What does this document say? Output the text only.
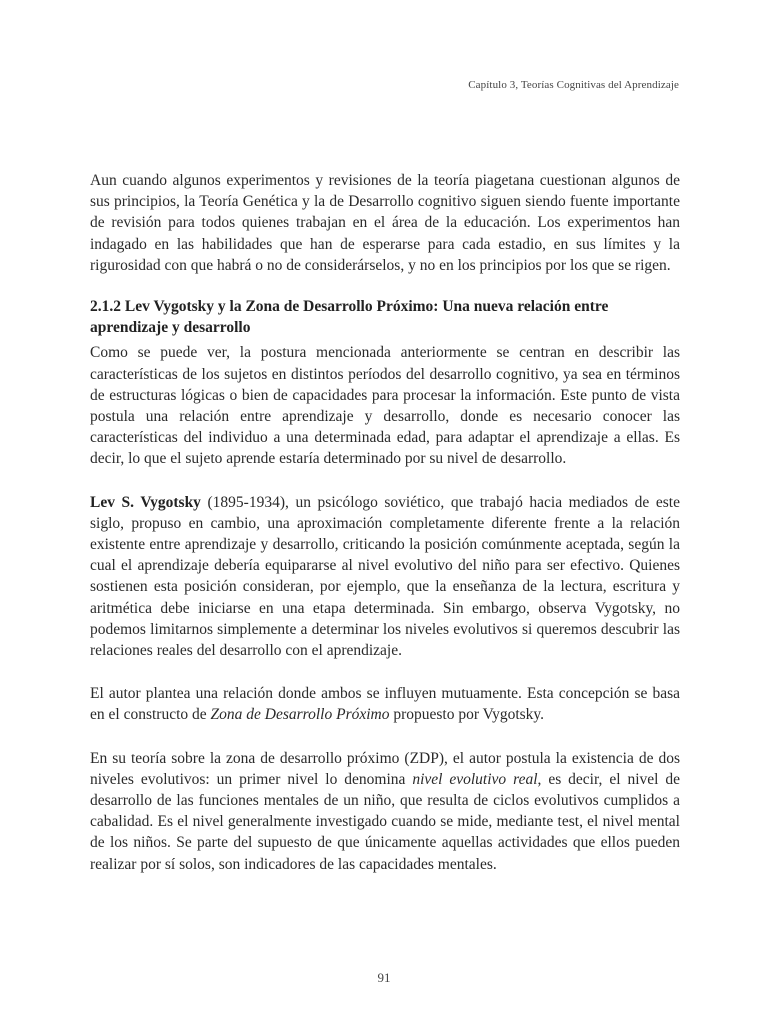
Capítulo 3, Teorías Cognitivas del Aprendizaje

Aun cuando algunos experimentos y revisiones de la teoría piagetana cuestionan algunos de sus principios, la Teoría Genética y la de Desarrollo cognitivo siguen siendo fuente importante de revisión para todos quienes trabajan en el área de la educación. Los experimentos han indagado en las habilidades que han de esperarse para cada estadio, en sus límites y la rigurosidad con que habrá o no de considerárselos, y no en los principios por los que se rigen.

2.1.2 Lev Vygotsky y la Zona de Desarrollo Próximo: Una nueva relación entre aprendizaje y desarrollo

Como se puede ver, la postura mencionada anteriormente se centran en describir las características de los sujetos en distintos períodos del desarrollo cognitivo, ya sea en términos de estructuras lógicas o bien de capacidades para procesar la información. Este punto de vista postula una relación entre aprendizaje y desarrollo, donde es necesario conocer las características del individuo a una determinada edad, para adaptar el aprendizaje a ellas. Es decir, lo que el sujeto aprende estaría determinado por su nivel de desarrollo.

Lev S. Vygotsky (1895-1934), un psicólogo soviético, que trabajó hacia mediados de este siglo, propuso en cambio, una aproximación completamente diferente frente a la relación existente entre aprendizaje y desarrollo, criticando la posición comúnmente aceptada, según la cual el aprendizaje debería equipararse al nivel evolutivo del niño para ser efectivo. Quienes sostienen esta posición consideran, por ejemplo, que la enseñanza de la lectura, escritura y aritmética debe iniciarse en una etapa determinada. Sin embargo, observa Vygotsky, no podemos limitarnos simplemente a determinar los niveles evolutivos si queremos descubrir las relaciones reales del desarrollo con el aprendizaje.

El autor plantea una relación donde ambos se influyen mutuamente. Esta concepción se basa en el constructo de Zona de Desarrollo Próximo propuesto por Vygotsky.

En su teoría sobre la zona de desarrollo próximo (ZDP), el autor postula la existencia de dos niveles evolutivos: un primer nivel lo denomina nivel evolutivo real, es decir, el nivel de desarrollo de las funciones mentales de un niño, que resulta de ciclos evolutivos cumplidos a cabalidad. Es el nivel generalmente investigado cuando se mide, mediante test, el nivel mental de los niños. Se parte del supuesto de que únicamente aquellas actividades que ellos pueden realizar por sí solos, son indicadores de las capacidades mentales.

91
